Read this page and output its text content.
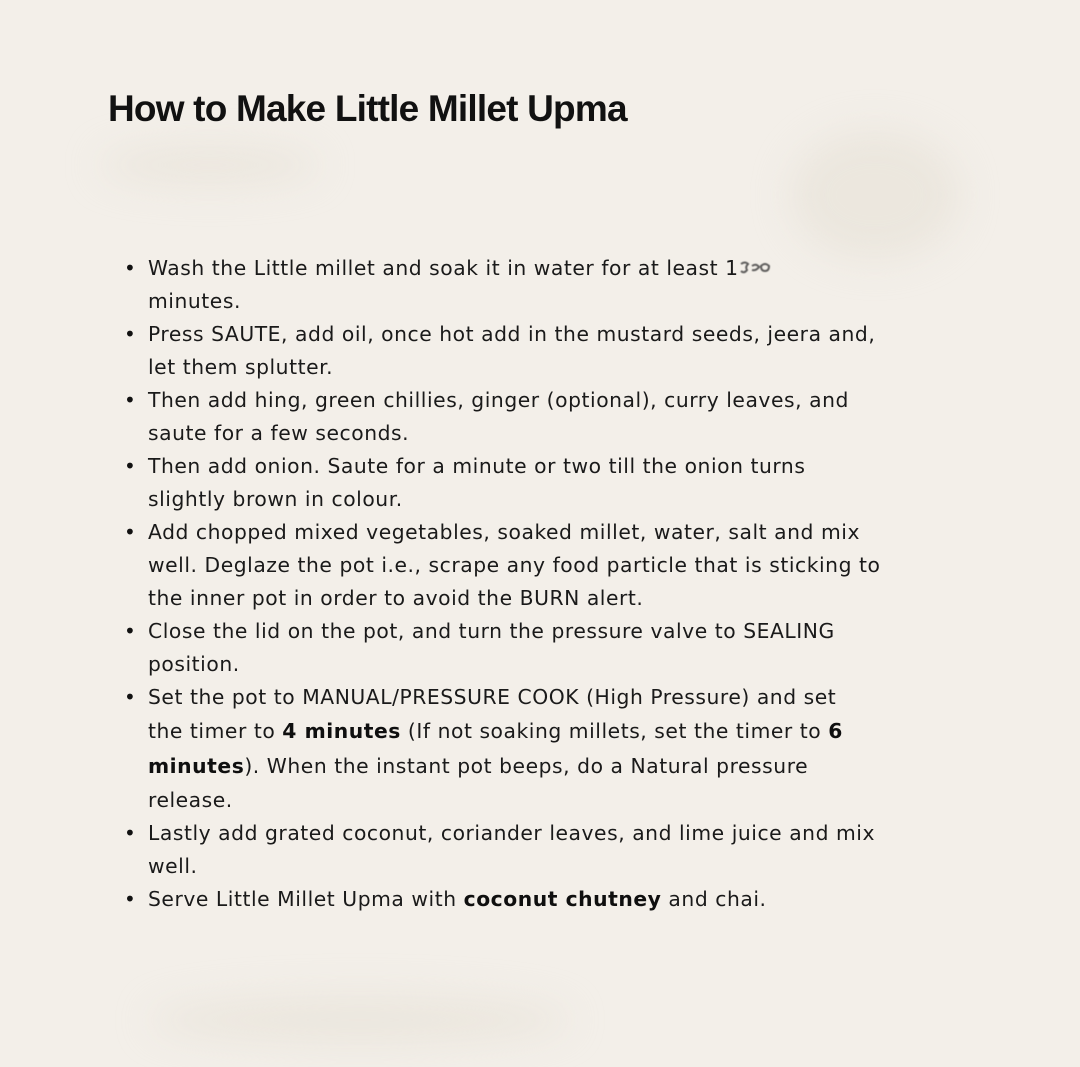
How to Make Little Millet Upma
• Wash the Little millet and soak it in water for at least 1
minutes.
• Press SAUTE, add oil, once hot add in the mustard seeds, jeera and,
let them splutter.
• Then add hing, green chillies, ginger (optional), curry leaves, and
saute for a few seconds.
• Then add onion. Saute for a minute or two till the onion turns
slightly brown in colour.
• Add chopped mixed vegetables, soaked millet, water, salt and mix
well. Deglaze the pot i.e., scrape any food particle that is sticking to
the inner pot in order to avoid the BURN alert.
• Close the lid on the pot, and turn the pressure valve to SEALING
position.
• Set the pot to MANUAL/PRESSURE COOK (High Pressure) and set
the timer to 4 minutes (If not soaking millets, set the timer to 6
minutes). When the instant pot beeps, do a Natural pressure
release.
• Lastly add grated coconut, coriander leaves, and lime juice and mix
well.
• Serve Little Millet Upma with coconut chutney and chai.
